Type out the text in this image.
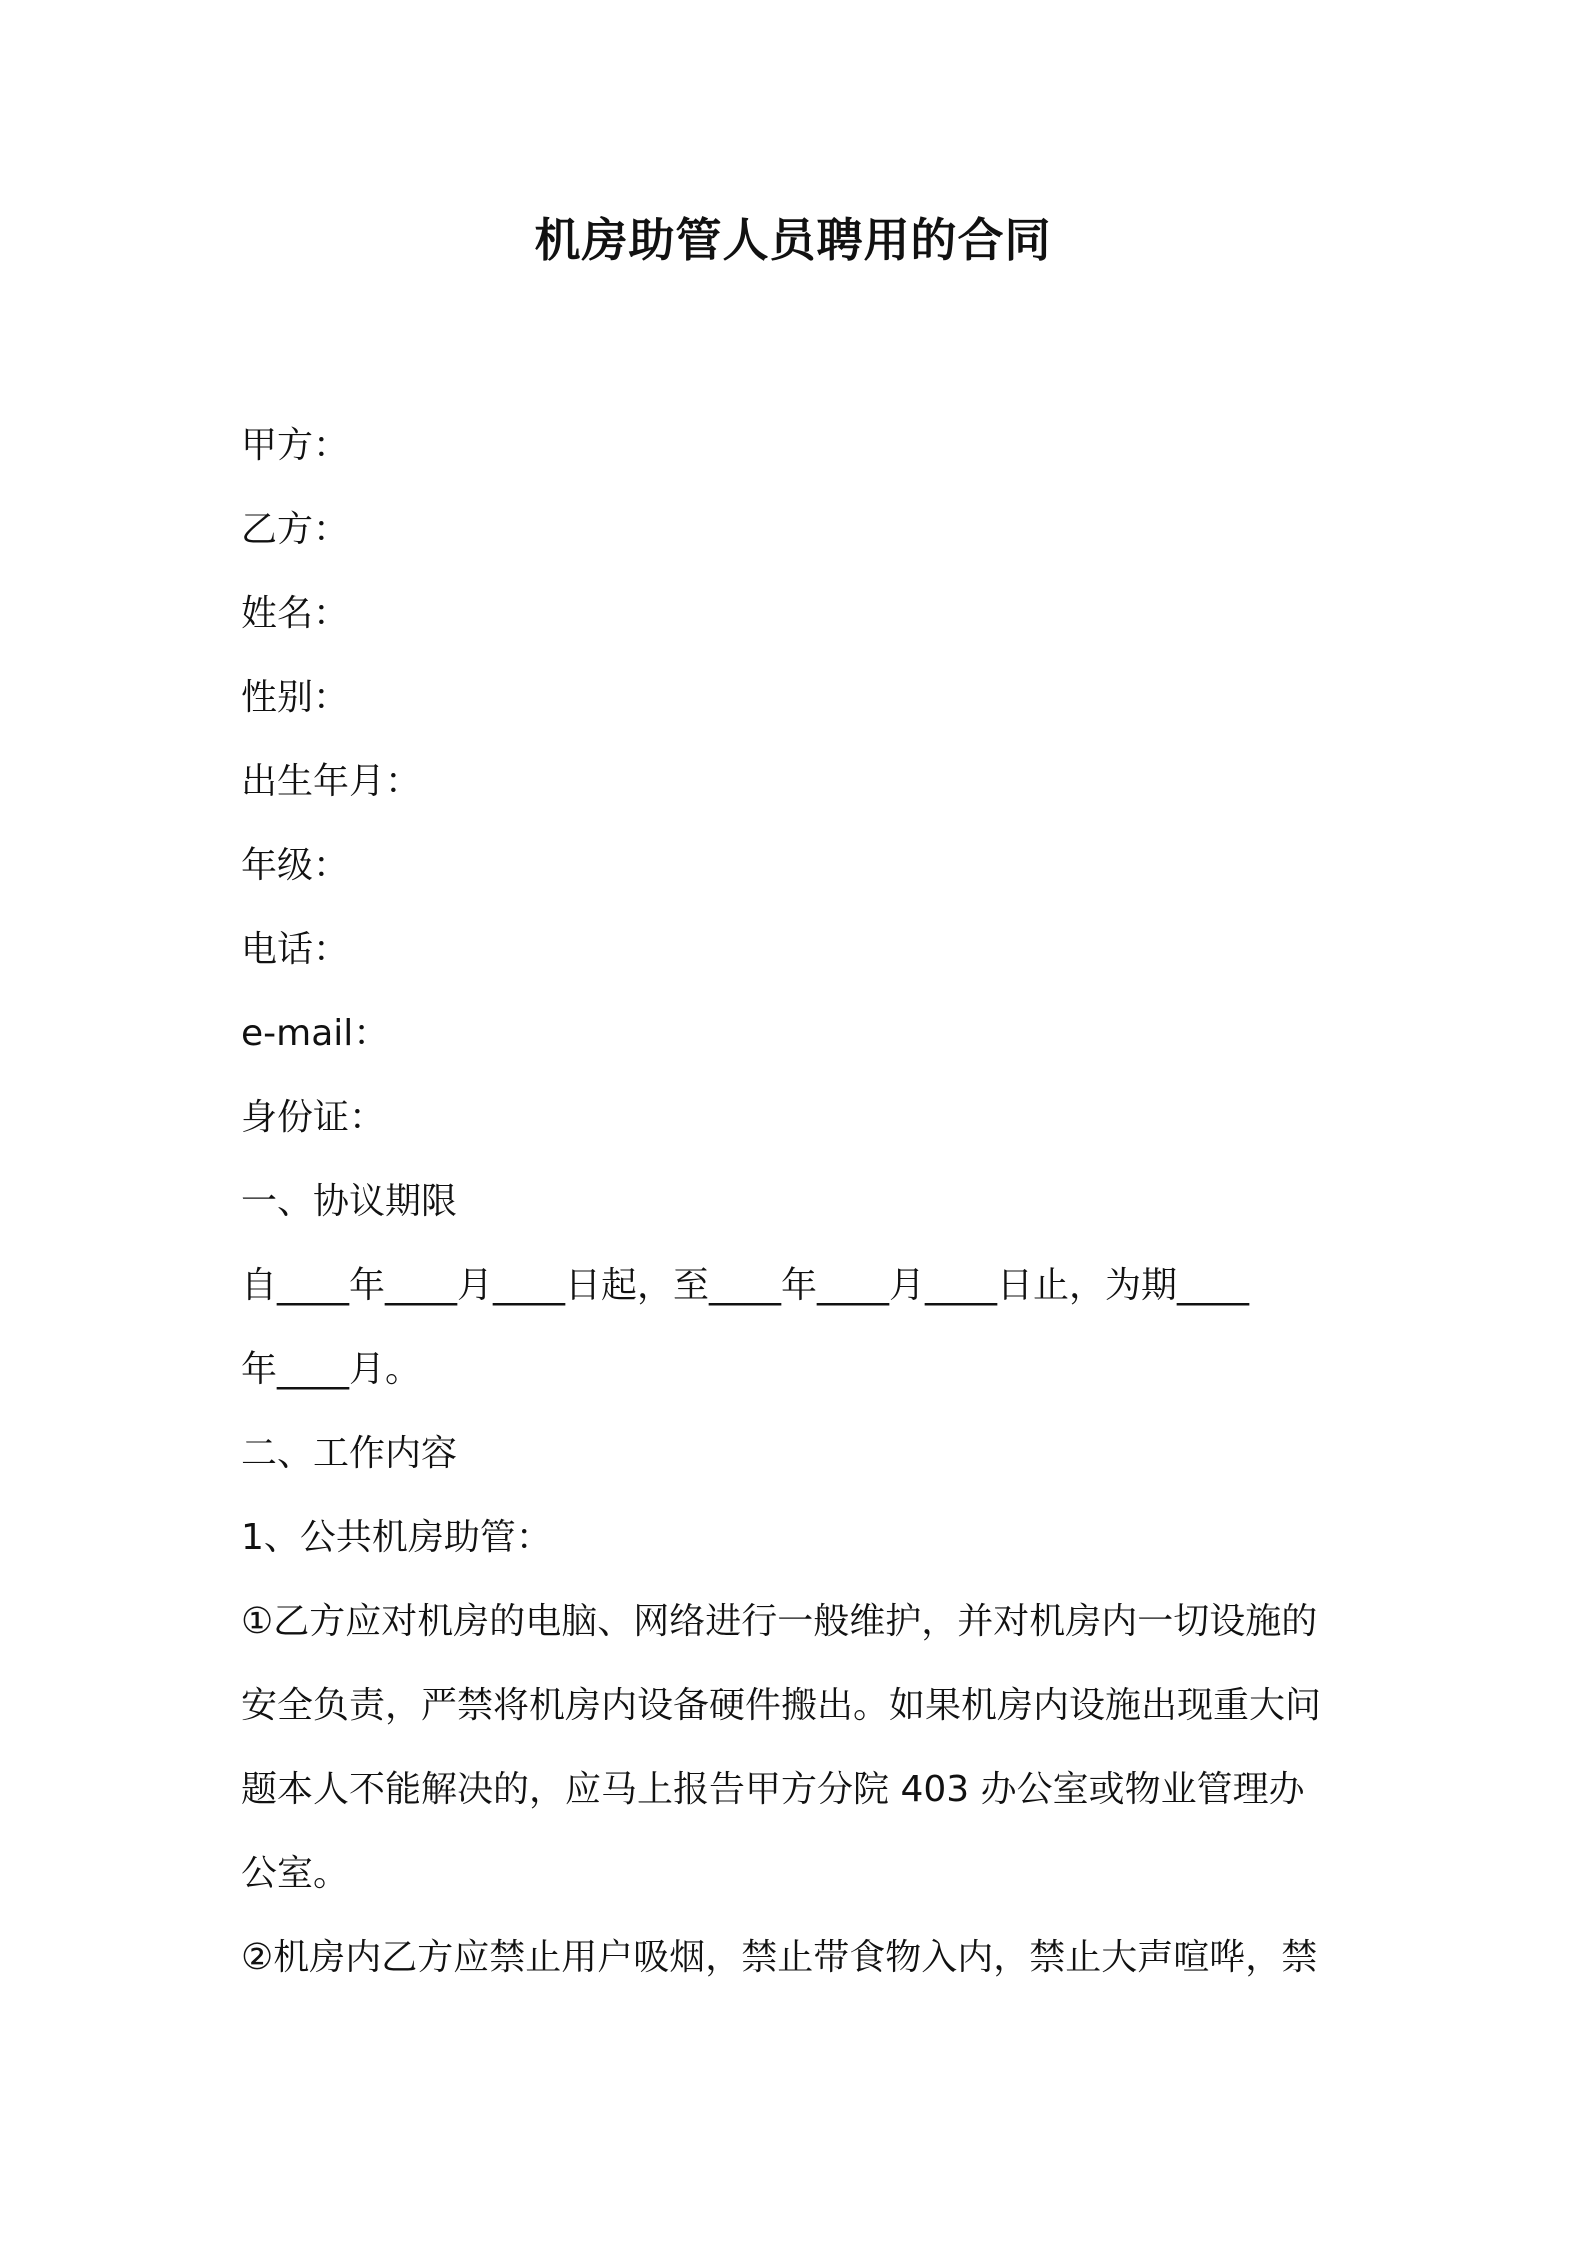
机房助管人员聘用的合同
甲方：
乙方：
姓名：
性别：
出生年月：
年级：
电话：
e-mail：
身份证：
一、协议期限
自____年____月____日起，至____年____月____日止，为期____
年____月。
二、工作内容
1、公共机房助管：
①乙方应对机房的电脑、网络进行一般维护，并对机房内一切设施的
安全负责，严禁将机房内设备硬件搬出。如果机房内设施出现重大问
题本人不能解决的，应马上报告甲方分院 403 办公室或物业管理办
公室。
②机房内乙方应禁止用户吸烟，禁止带食物入内，禁止大声喧哗，禁
